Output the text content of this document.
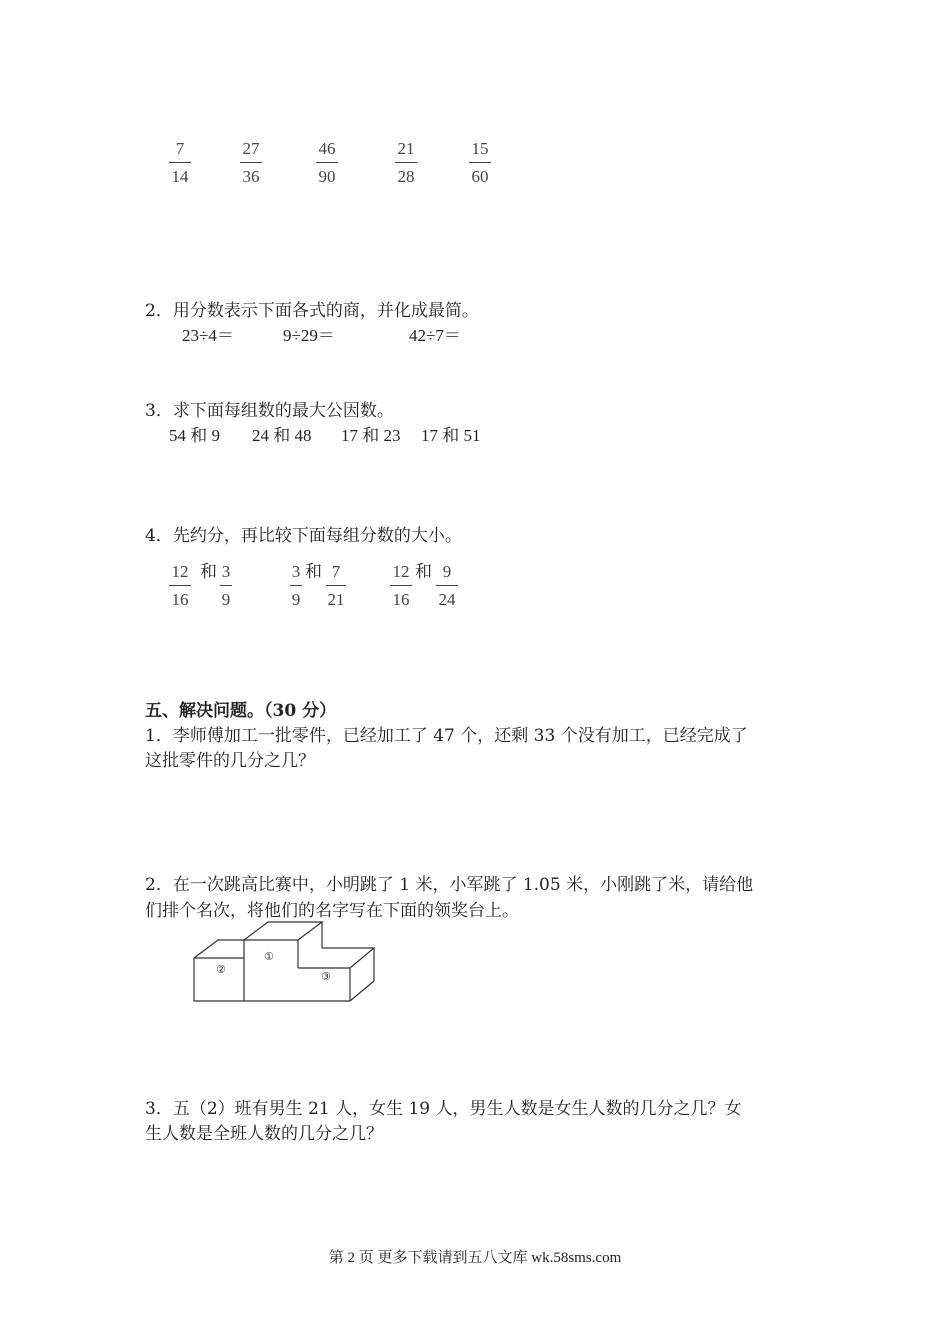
7
14
27
36
46
90
21
28
15
60
2．用分数表示下面各式的商，并化成最简。
23÷4＝	9÷29＝	42÷7＝
3．求下面每组数的最大公因数。
54 和 9 24 和 48 17 和 23 17 和 51
4．先约分，再比较下面每组分数的大小。
12
16
和 3
9
3
9
和 7
21
12
16
和 9
24
五、解决问题。（30 分）
1．李师傅加工一批零件，已经加工了 47 个，还剩 33 个没有加工，已经完成了
这批零件的几分之几？
2．在一次跳高比赛中，小明跳了 1 米，小军跳了 1.05 米，小刚跳了米，请给他
们排个名次，将他们的名字写在下面的领奖台上。
①
②
③
3．五（2）班有男生 21 人，女生 19 人，男生人数是女生人数的几分之几？女
生人数是全班人数的几分之几？
第 2 页 更多下载请到五八文库 wk.58sms.com
